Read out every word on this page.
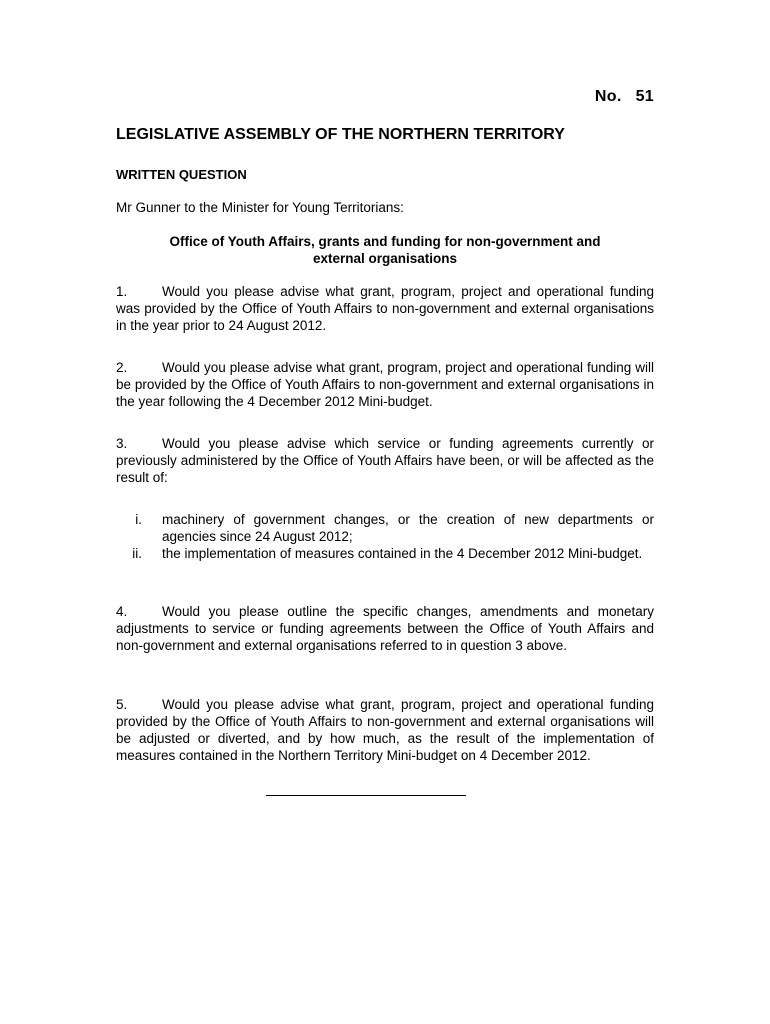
No. 51
LEGISLATIVE ASSEMBLY OF THE NORTHERN TERRITORY
WRITTEN QUESTION
Mr Gunner to the Minister for Young Territorians:
Office of Youth Affairs, grants and funding for non-government and
external organisations
1.	Would you please advise what grant, program, project and operational funding was provided by the Office of Youth Affairs to non-government and external organisations in the year prior to 24 August 2012.
2.	Would you please advise what grant, program, project and operational funding will be provided by the Office of Youth Affairs to non-government and external organisations in the year following the 4 December 2012 Mini-budget.
3.	Would you please advise which service or funding agreements currently or previously administered by the Office of Youth Affairs have been, or will be affected as the result of:
i. machinery of government changes, or the creation of new departments or agencies since 24 August 2012;
ii. the implementation of measures contained in the 4 December 2012 Mini-budget.
4.	Would you please outline the specific changes, amendments and monetary adjustments to service or funding agreements between the Office of Youth Affairs and non-government and external organisations referred to in question 3 above.
5.	Would you please advise what grant, program, project and operational funding provided by the Office of Youth Affairs to non-government and external organisations will be adjusted or diverted, and by how much, as the result of the implementation of measures contained in the Northern Territory Mini-budget on 4 December 2012.
